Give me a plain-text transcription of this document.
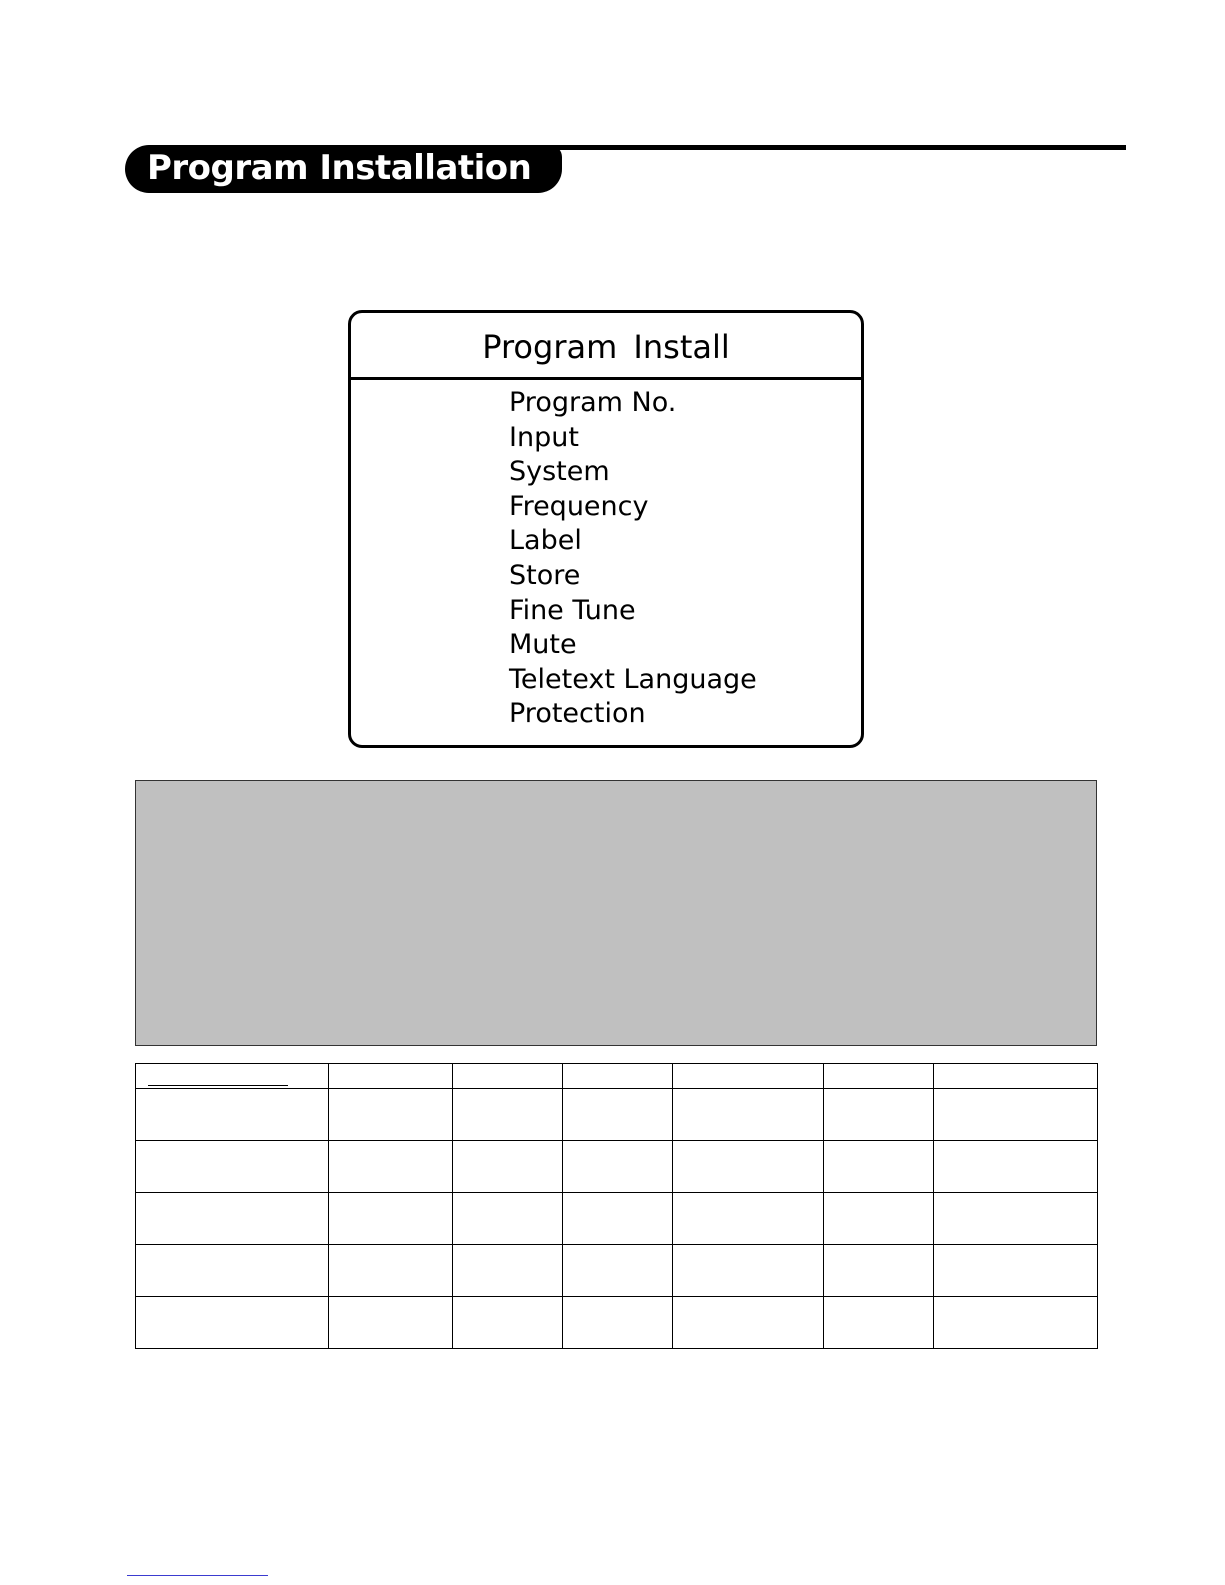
Program Installation
Program Install
Program No.
Input
System
Frequency
Label
Store
Fine Tune
Mute
Teletext Language
Protection
